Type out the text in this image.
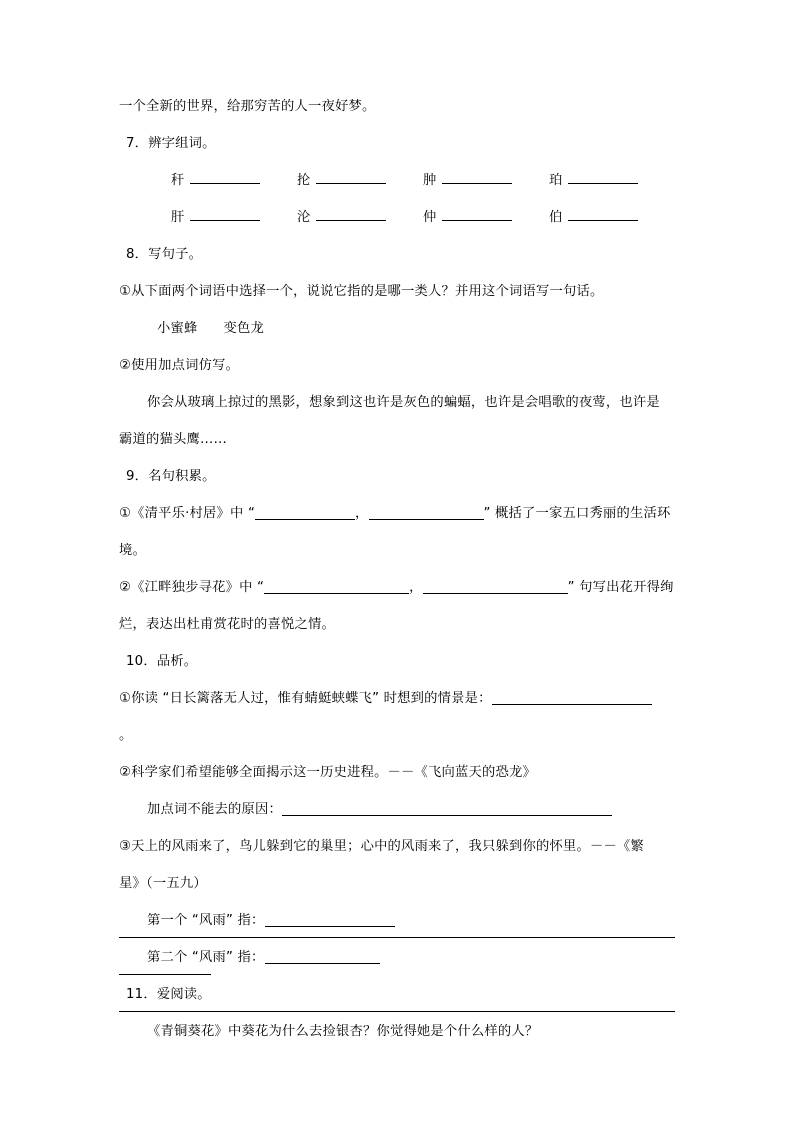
一个全新的世界，给那穷苦的人一夜好梦。
7．辨字组词。
秆	抡	肿	珀
肝	沦	仲	伯
8．写句子。
①从下面两个词语中选择一个，说说它指的是哪一类人？并用这个词语写一句话。
小蜜蜂 变色龙
②使用加点词仿写。
你会从玻璃上掠过的黑影，想象到这也许是灰色的蝙蝠，也许是会唱歌的夜莺，也许是
霸道的猫头鹰……
9．名句积累。
①《清平乐·村居》中 “	，	” 概括了一家五口秀丽的生活环
境。
②《江畔独步寻花》中 “	，	” 句写出花开得绚
烂，表达出杜甫赏花时的喜悦之情。
10．品析。
①你读 “日长篱落无人过，惟有蜻蜓蛱蝶飞” 时想到的情景是：
。
②科学家们希望能够全面揭示这一历史进程。－－《飞向蓝天的恐龙》
加点词不能去的原因：
③天上的风雨来了，鸟儿躲到它的巢里；心中的风雨来了，我只躲到你的怀里。－－《繁
星》（一五九）
第一个 “风雨” 指：
第二个 “风雨” 指：
11．爱阅读。
《青铜葵花》中葵花为什么去捡银杏？你觉得她是个什么样的人？
